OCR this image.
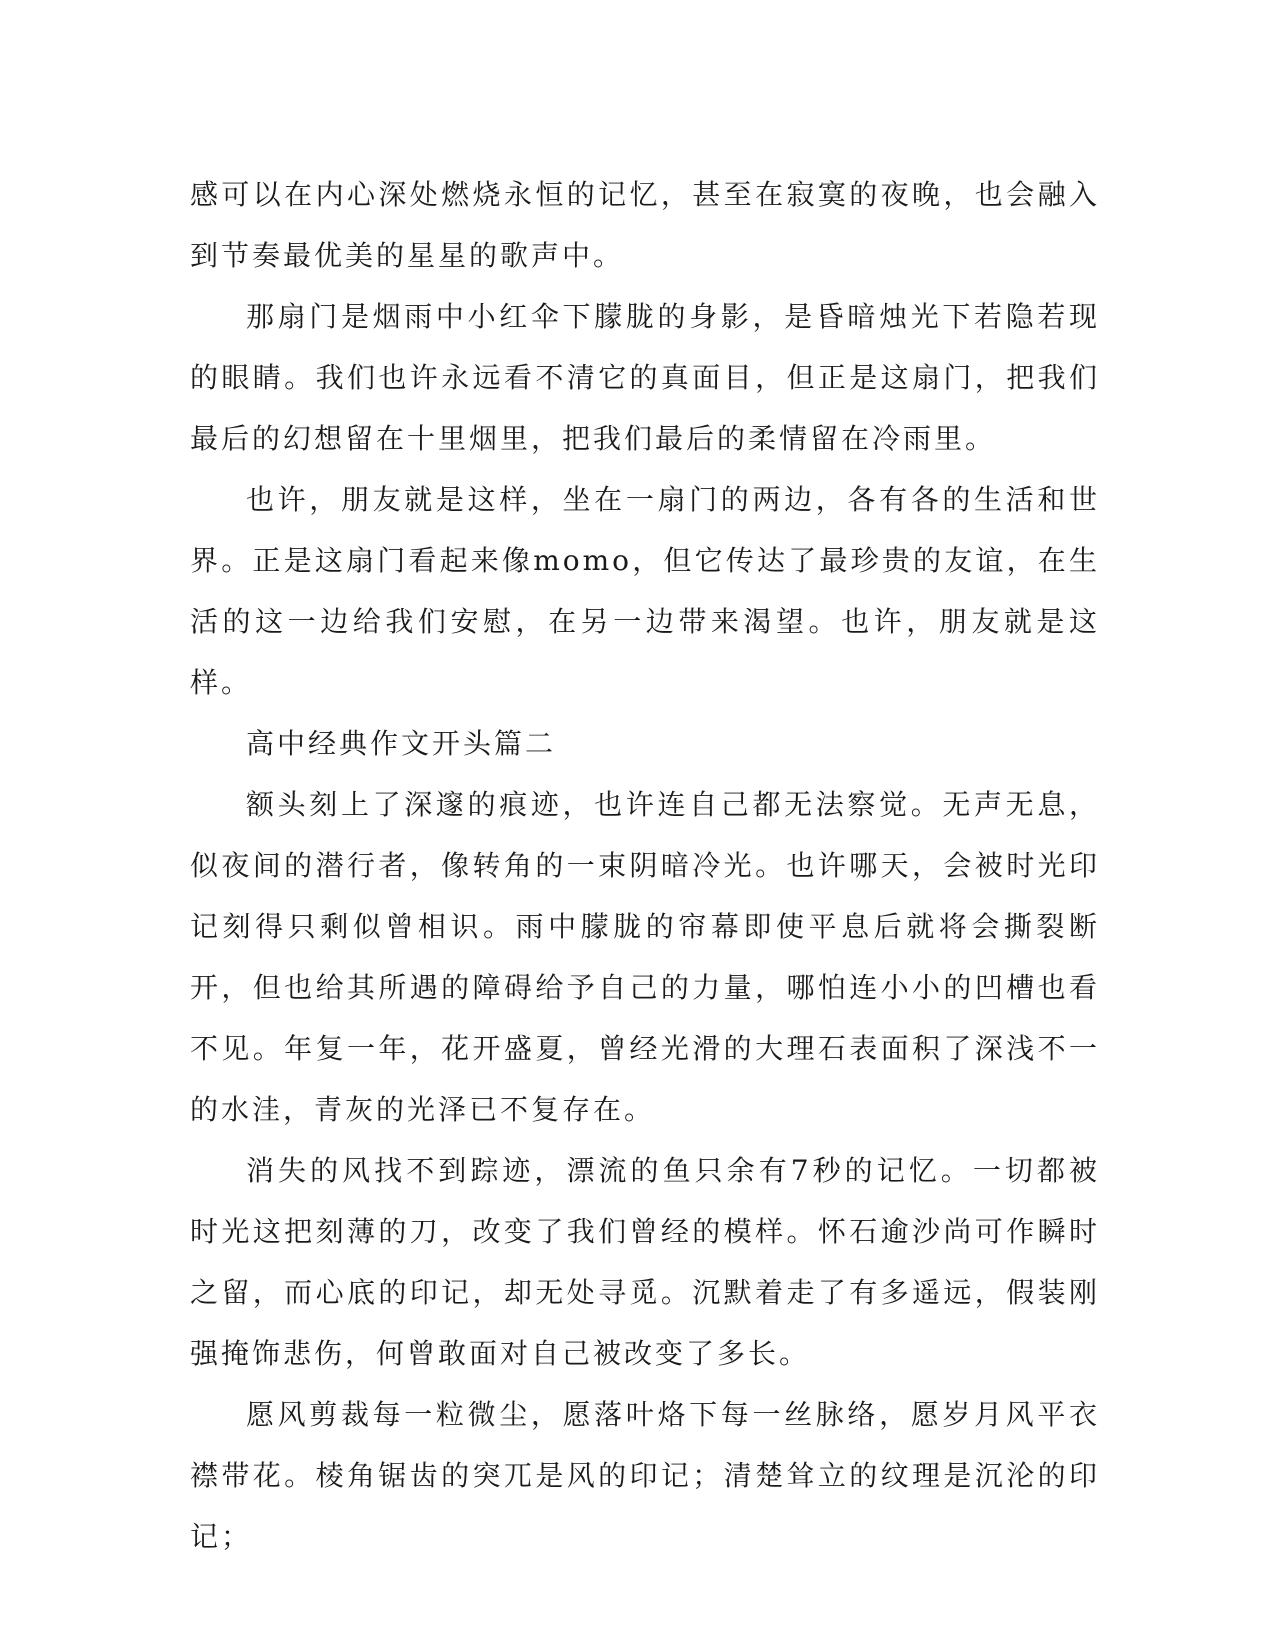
感可以在内心深处燃烧永恒的记忆，甚至在寂寞的夜晚，也会融入到节奏最优美的星星的歌声中。

那扇门是烟雨中小红伞下朦胧的身影，是昏暗烛光下若隐若现的眼睛。我们也许永远看不清它的真面目，但正是这扇门，把我们最后的幻想留在十里烟里，把我们最后的柔情留在冷雨里。

也许，朋友就是这样，坐在一扇门的两边，各有各的生活和世界。正是这扇门看起来像momo，但它传达了最珍贵的友谊，在生活的这一边给我们安慰，在另一边带来渴望。也许，朋友就是这样。

高中经典作文开头篇二

额头刻上了深邃的痕迹，也许连自己都无法察觉。无声无息，似夜间的潜行者，像转角的一束阴暗冷光。也许哪天，会被时光印记刻得只剩似曾相识。雨中朦胧的帘幕即使平息后就将会撕裂断开，但也给其所遇的障碍给予自己的力量，哪怕连小小的凹槽也看不见。年复一年，花开盛夏，曾经光滑的大理石表面积了深浅不一的水洼，青灰的光泽已不复存在。

消失的风找不到踪迹，漂流的鱼只余有7秒的记忆。一切都被时光这把刻薄的刀，改变了我们曾经的模样。怀石逾沙尚可作瞬时之留，而心底的印记，却无处寻觅。沉默着走了有多遥远，假装刚强掩饰悲伤，何曾敢面对自己被改变了多长。

愿风剪裁每一粒微尘，愿落叶烙下每一丝脉络，愿岁月风平衣襟带花。棱角锯齿的突兀是风的印记；清楚耸立的纹理是沉沦的印记；
